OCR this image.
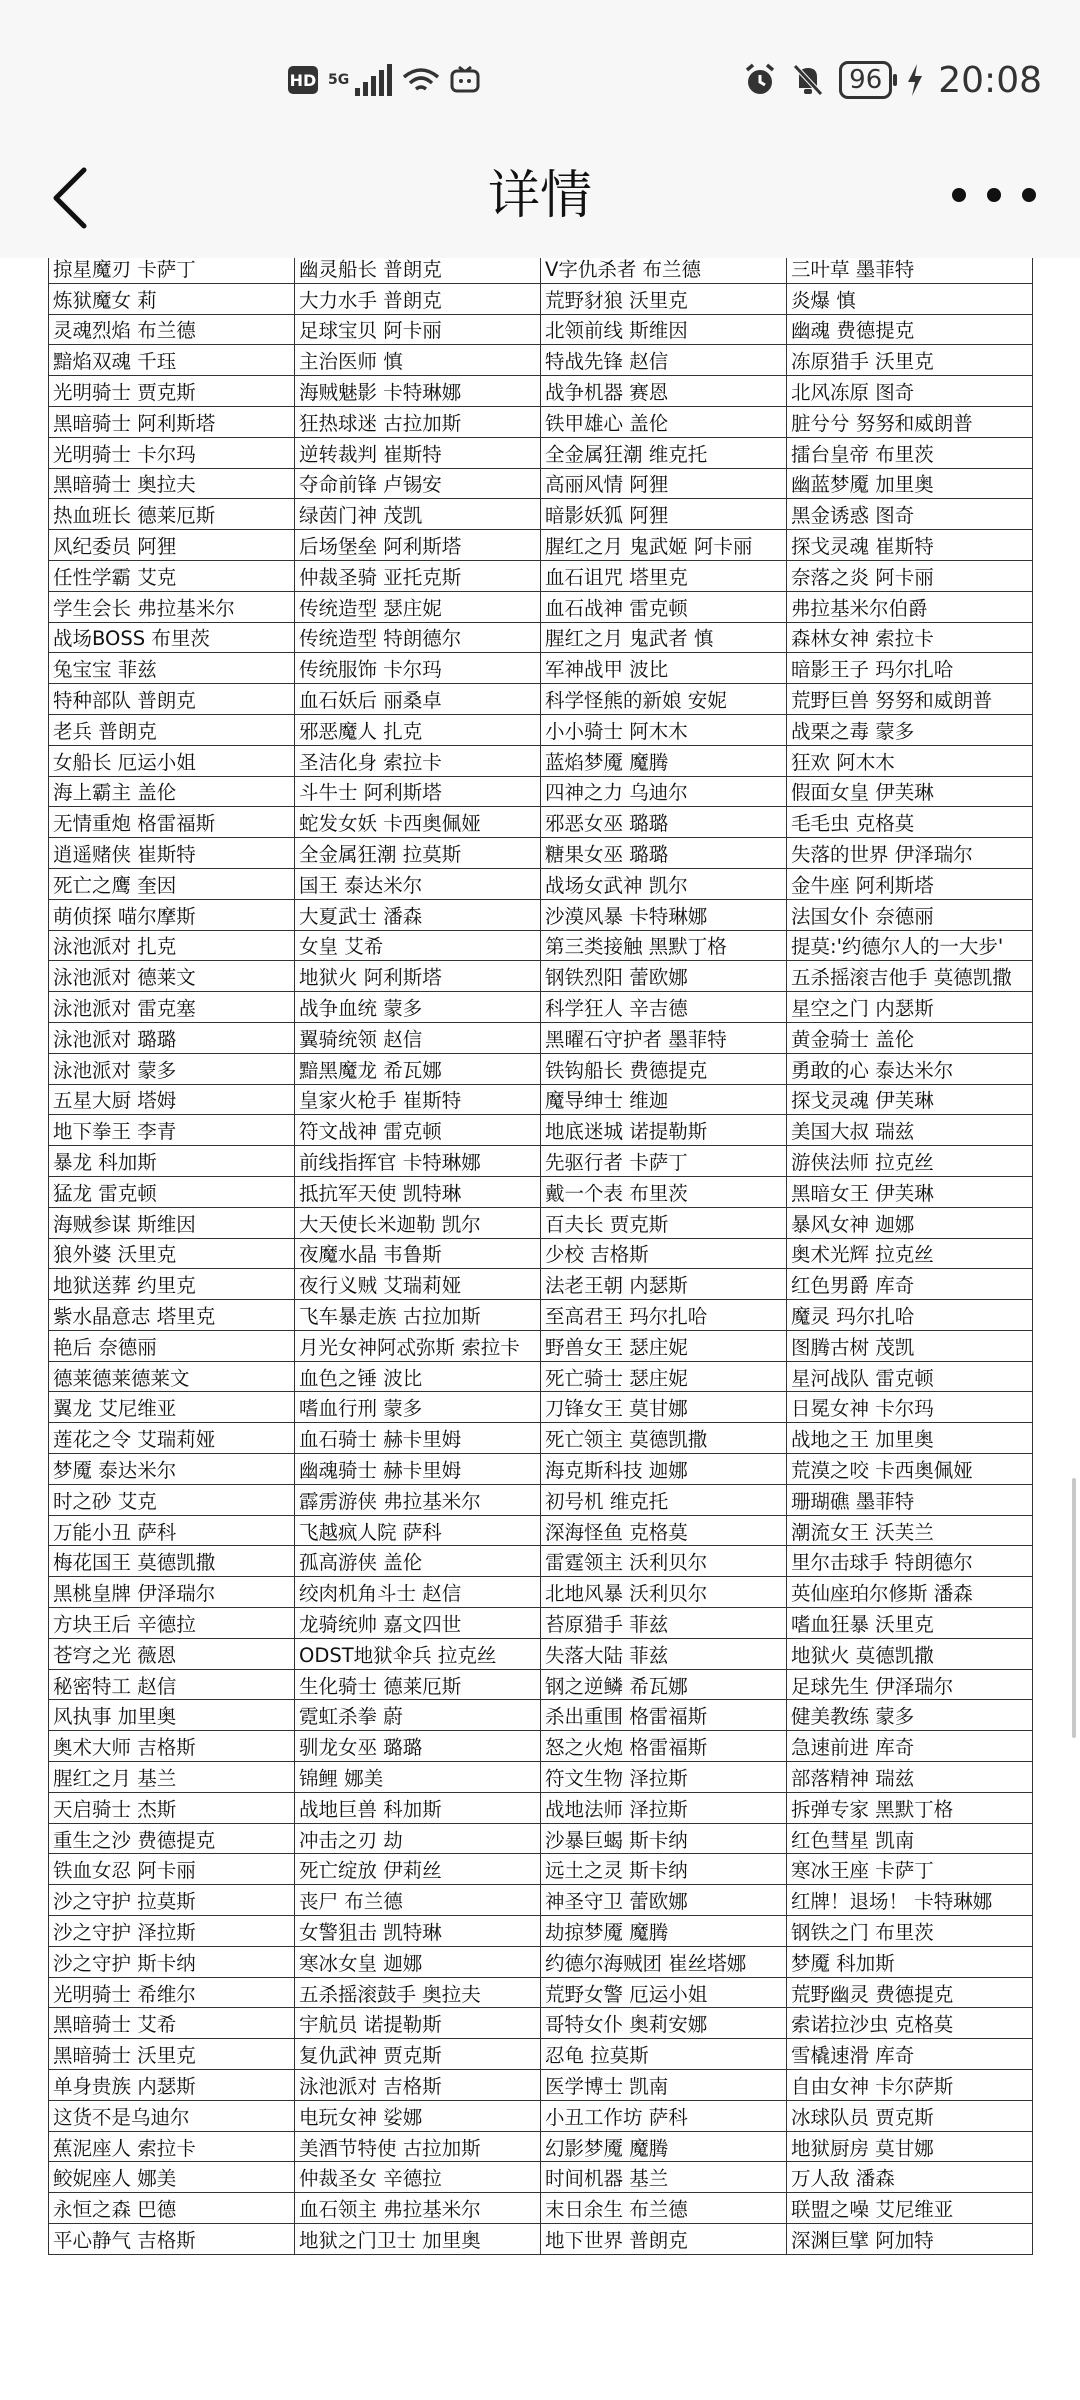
HD 5G	96 20:08
详情
掠星魔刃 卡萨丁	幽灵船长 普朗克	V字仇杀者 布兰德	三叶草 墨菲特
炼狱魔女 莉	大力水手 普朗克	荒野豺狼 沃里克	炎爆 慎
灵魂烈焰 布兰德	足球宝贝 阿卡丽	北领前线 斯维因	幽魂 费德提克
黯焰双魂 千珏	主治医师 慎	特战先锋 赵信	冻原猎手 沃里克
光明骑士 贾克斯	海贼魅影 卡特琳娜	战争机器 赛恩	北风冻原 图奇
黑暗骑士 阿利斯塔	狂热球迷 古拉加斯	铁甲雄心 盖伦	脏兮兮 努努和威朗普
光明骑士 卡尔玛	逆转裁判 崔斯特	全金属狂潮 维克托	擂台皇帝 布里茨
黑暗骑士 奥拉夫	夺命前锋 卢锡安	高丽风情 阿狸	幽蓝梦魇 加里奥
热血班长 德莱厄斯	绿茵门神 茂凯	暗影妖狐 阿狸	黑金诱惑 图奇
风纪委员 阿狸	后场堡垒 阿利斯塔	腥红之月 鬼武姬 阿卡丽	探戈灵魂 崔斯特
任性学霸 艾克	仲裁圣骑 亚托克斯	血石诅咒 塔里克	奈落之炎 阿卡丽
学生会长 弗拉基米尔	传统造型 瑟庄妮	血石战神 雷克顿	弗拉基米尔伯爵
战场BOSS 布里茨	传统造型 特朗德尔	腥红之月 鬼武者 慎	森林女神 索拉卡
兔宝宝 菲兹	传统服饰 卡尔玛	军神战甲 波比	暗影王子 玛尔扎哈
特种部队 普朗克	血石妖后 丽桑卓	科学怪熊的新娘 安妮	荒野巨兽 努努和威朗普
老兵 普朗克	邪恶魔人 扎克	小小骑士 阿木木	战栗之毒 蒙多
女船长 厄运小姐	圣洁化身 索拉卡	蓝焰梦魇 魔腾	狂欢 阿木木
海上霸主 盖伦	斗牛士 阿利斯塔	四神之力 乌迪尔	假面女皇 伊芙琳
无情重炮 格雷福斯	蛇发女妖 卡西奥佩娅	邪恶女巫 璐璐	毛毛虫 克格莫
逍遥赌侠 崔斯特	全金属狂潮 拉莫斯	糖果女巫 璐璐	失落的世界 伊泽瑞尔
死亡之鹰 奎因	国王 泰达米尔	战场女武神 凯尔	金牛座 阿利斯塔
萌侦探 喵尔摩斯	大夏武士 潘森	沙漠风暴 卡特琳娜	法国女仆 奈德丽
泳池派对 扎克	女皇 艾希	第三类接触 黑默丁格	提莫:'约德尔人的一大步'
泳池派对 德莱文	地狱火 阿利斯塔	钢铁烈阳 蕾欧娜	五杀摇滚吉他手 莫德凯撒
泳池派对 雷克塞	战争血统 蒙多	科学狂人 辛吉德	星空之门 内瑟斯
泳池派对 璐璐	翼骑统领 赵信	黑曜石守护者 墨菲特	黄金骑士 盖伦
泳池派对 蒙多	黯黑魔龙 希瓦娜	铁钩船长 费德提克	勇敢的心 泰达米尔
五星大厨 塔姆	皇家火枪手 崔斯特	魔导绅士 维迦	探戈灵魂 伊芙琳
地下拳王 李青	符文战神 雷克顿	地底迷城 诺提勒斯	美国大叔 瑞兹
暴龙 科加斯	前线指挥官 卡特琳娜	先驱行者 卡萨丁	游侠法师 拉克丝
猛龙 雷克顿	抵抗军天使 凯特琳	戴一个表 布里茨	黑暗女王 伊芙琳
海贼参谋 斯维因	大天使长米迦勒 凯尔	百夫长 贾克斯	暴风女神 迦娜
狼外婆 沃里克	夜魔水晶 韦鲁斯	少校 吉格斯	奥术光辉 拉克丝
地狱送葬 约里克	夜行义贼 艾瑞莉娅	法老王朝 内瑟斯	红色男爵 库奇
紫水晶意志 塔里克	飞车暴走族 古拉加斯	至高君王 玛尔扎哈	魔灵 玛尔扎哈
艳后 奈德丽	月光女神阿忒弥斯 索拉卡	野兽女王 瑟庄妮	图腾古树 茂凯
德莱德莱德莱文	血色之锤 波比	死亡骑士 瑟庄妮	星河战队 雷克顿
翼龙 艾尼维亚	嗜血行刑 蒙多	刀锋女王 莫甘娜	日冕女神 卡尔玛
莲花之令 艾瑞莉娅	血石骑士 赫卡里姆	死亡领主 莫德凯撒	战地之王 加里奥
梦魇 泰达米尔	幽魂骑士 赫卡里姆	海克斯科技 迦娜	荒漠之咬 卡西奥佩娅
时之砂 艾克	霹雳游侠 弗拉基米尔	初号机 维克托	珊瑚礁 墨菲特
万能小丑 萨科	飞越疯人院 萨科	深海怪鱼 克格莫	潮流女王 沃芙兰
梅花国王 莫德凯撒	孤高游侠 盖伦	雷霆领主 沃利贝尔	里尔击球手 特朗德尔
黑桃皇牌 伊泽瑞尔	绞肉机角斗士 赵信	北地风暴 沃利贝尔	英仙座珀尔修斯 潘森
方块王后 辛德拉	龙骑统帅 嘉文四世	苔原猎手 菲兹	嗜血狂暴 沃里克
苍穹之光 薇恩	ODST地狱伞兵 拉克丝	失落大陆 菲兹	地狱火 莫德凯撒
秘密特工 赵信	生化骑士 德莱厄斯	钢之逆鳞 希瓦娜	足球先生 伊泽瑞尔
风执事 加里奥	霓虹杀拳 蔚	杀出重围 格雷福斯	健美教练 蒙多
奥术大师 吉格斯	驯龙女巫 璐璐	怒之火炮 格雷福斯	急速前进 库奇
腥红之月 基兰	锦鲤 娜美	符文生物 泽拉斯	部落精神 瑞兹
天启骑士 杰斯	战地巨兽 科加斯	战地法师 泽拉斯	拆弹专家 黑默丁格
重生之沙 费德提克	冲击之刃 劫	沙暴巨蝎 斯卡纳	红色彗星 凯南
铁血女忍 阿卡丽	死亡绽放 伊莉丝	远土之灵 斯卡纳	寒冰王座 卡萨丁
沙之守护 拉莫斯	丧尸 布兰德	神圣守卫 蕾欧娜	红牌！退场！ 卡特琳娜
沙之守护 泽拉斯	女警狙击 凯特琳	劫掠梦魇 魔腾	钢铁之门 布里茨
沙之守护 斯卡纳	寒冰女皇 迦娜	约德尔海贼团 崔丝塔娜	梦魇 科加斯
光明骑士 希维尔	五杀摇滚鼓手 奥拉夫	荒野女警 厄运小姐	荒野幽灵 费德提克
黑暗骑士 艾希	宇航员 诺提勒斯	哥特女仆 奥莉安娜	索诺拉沙虫 克格莫
黑暗骑士 沃里克	复仇武神 贾克斯	忍龟 拉莫斯	雪橇速滑 库奇
单身贵族 内瑟斯	泳池派对 吉格斯	医学博士 凯南	自由女神 卡尔萨斯
这货不是乌迪尔	电玩女神 娑娜	小丑工作坊 萨科	冰球队员 贾克斯
蕉泥座人 索拉卡	美酒节特使 古拉加斯	幻影梦魇 魔腾	地狱厨房 莫甘娜
鲛妮座人 娜美	仲裁圣女 辛德拉	时间机器 基兰	万人敌 潘森
永恒之森 巴德	血石领主 弗拉基米尔	末日余生 布兰德	联盟之噪 艾尼维亚
平心静气 吉格斯	地狱之门卫士 加里奥	地下世界 普朗克	深渊巨擘 阿加特
